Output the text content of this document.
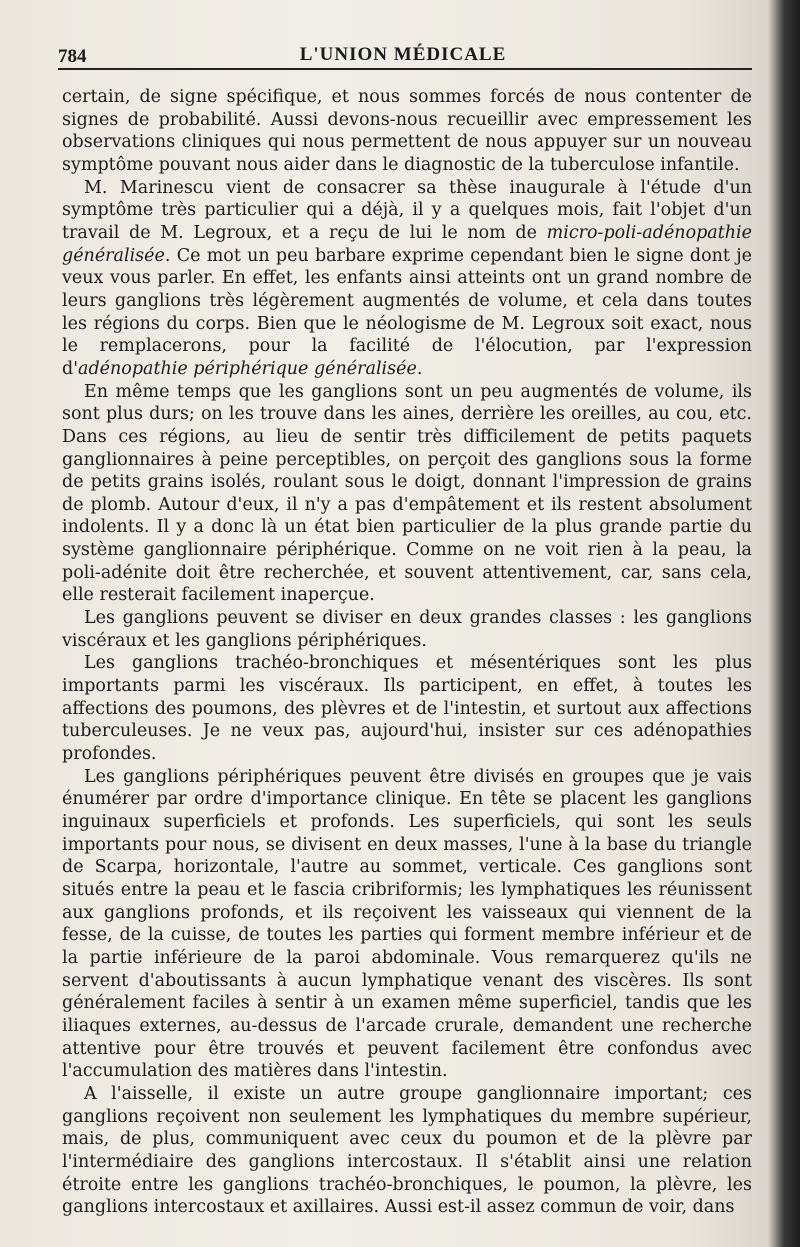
784	L'UNION MÉDICALE

certain, de signe spécifique, et nous sommes forcés de nous contenter de signes de probabilité. Aussi devons-nous recueillir avec empressement les observations cliniques qui nous permettent de nous appuyer sur un nouveau symptôme pouvant nous aider dans le diagnostic de la tuberculose infantile.

M. Marinescu vient de consacrer sa thèse inaugurale à l'étude d'un symptôme très particulier qui a déjà, il y a quelques mois, fait l'objet d'un travail de M. Legroux, et a reçu de lui le nom de micro-poli-adénopathie généralisée. Ce mot un peu barbare exprime cependant bien le signe dont je veux vous parler. En effet, les enfants ainsi atteints ont un grand nombre de leurs ganglions très légèrement augmentés de volume, et cela dans toutes les régions du corps. Bien que le néologisme de M. Legroux soit exact, nous le remplacerons, pour la facilité de l'élocution, par l'expression d'adénopathie périphérique généralisée.

En même temps que les ganglions sont un peu augmentés de volume, ils sont plus durs; on les trouve dans les aines, derrière les oreilles, au cou, etc. Dans ces régions, au lieu de sentir très difficilement de petits paquets ganglionnaires à peine perceptibles, on perçoit des ganglions sous la forme de petits grains isolés, roulant sous le doigt, donnant l'impression de grains de plomb. Autour d'eux, il n'y a pas d'empâtement et ils restent absolument indolents. Il y a donc là un état bien particulier de la plus grande partie du système ganglionnaire périphérique. Comme on ne voit rien à la peau, la poli-adénite doit être recherchée, et souvent attentivement, car, sans cela, elle resterait facilement inaperçue.

Les ganglions peuvent se diviser en deux grandes classes : les ganglions viscéraux et les ganglions périphériques.

Les ganglions trachéo-bronchiques et mésentériques sont les plus importants parmi les viscéraux. Ils participent, en effet, à toutes les affections des poumons, des plèvres et de l'intestin, et surtout aux affections tuberculeuses. Je ne veux pas, aujourd'hui, insister sur ces adénopathies profondes.

Les ganglions périphériques peuvent être divisés en groupes que je vais énumérer par ordre d'importance clinique. En tête se placent les ganglions inguinaux superficiels et profonds. Les superficiels, qui sont les seuls importants pour nous, se divisent en deux masses, l'une à la base du triangle de Scarpa, horizontale, l'autre au sommet, verticale. Ces ganglions sont situés entre la peau et le fascia cribriformis; les lymphatiques les réunissent aux ganglions profonds, et ils reçoivent les vaisseaux qui viennent de la fesse, de la cuisse, de toutes les parties qui forment membre inférieur et de la partie inférieure de la paroi abdominale. Vous remarquerez qu'ils ne servent d'aboutissants à aucun lymphatique venant des viscères. Ils sont généralement faciles à sentir à un examen même superficiel, tandis que les iliaques externes, au-dessus de l'arcade crurale, demandent une recherche attentive pour être trouvés et peuvent facilement être confondus avec l'accumulation des matières dans l'intestin.

A l'aisselle, il existe un autre groupe ganglionnaire important; ces ganglions reçoivent non seulement les lymphatiques du membre supérieur, mais, de plus, communiquent avec ceux du poumon et de la plèvre par l'intermédiaire des ganglions intercostaux. Il s'établit ainsi une relation étroite entre les ganglions trachéo-bronchiques, le poumon, la plèvre, les ganglions intercostaux et axillaires. Aussi est-il assez commun de voir, dans
